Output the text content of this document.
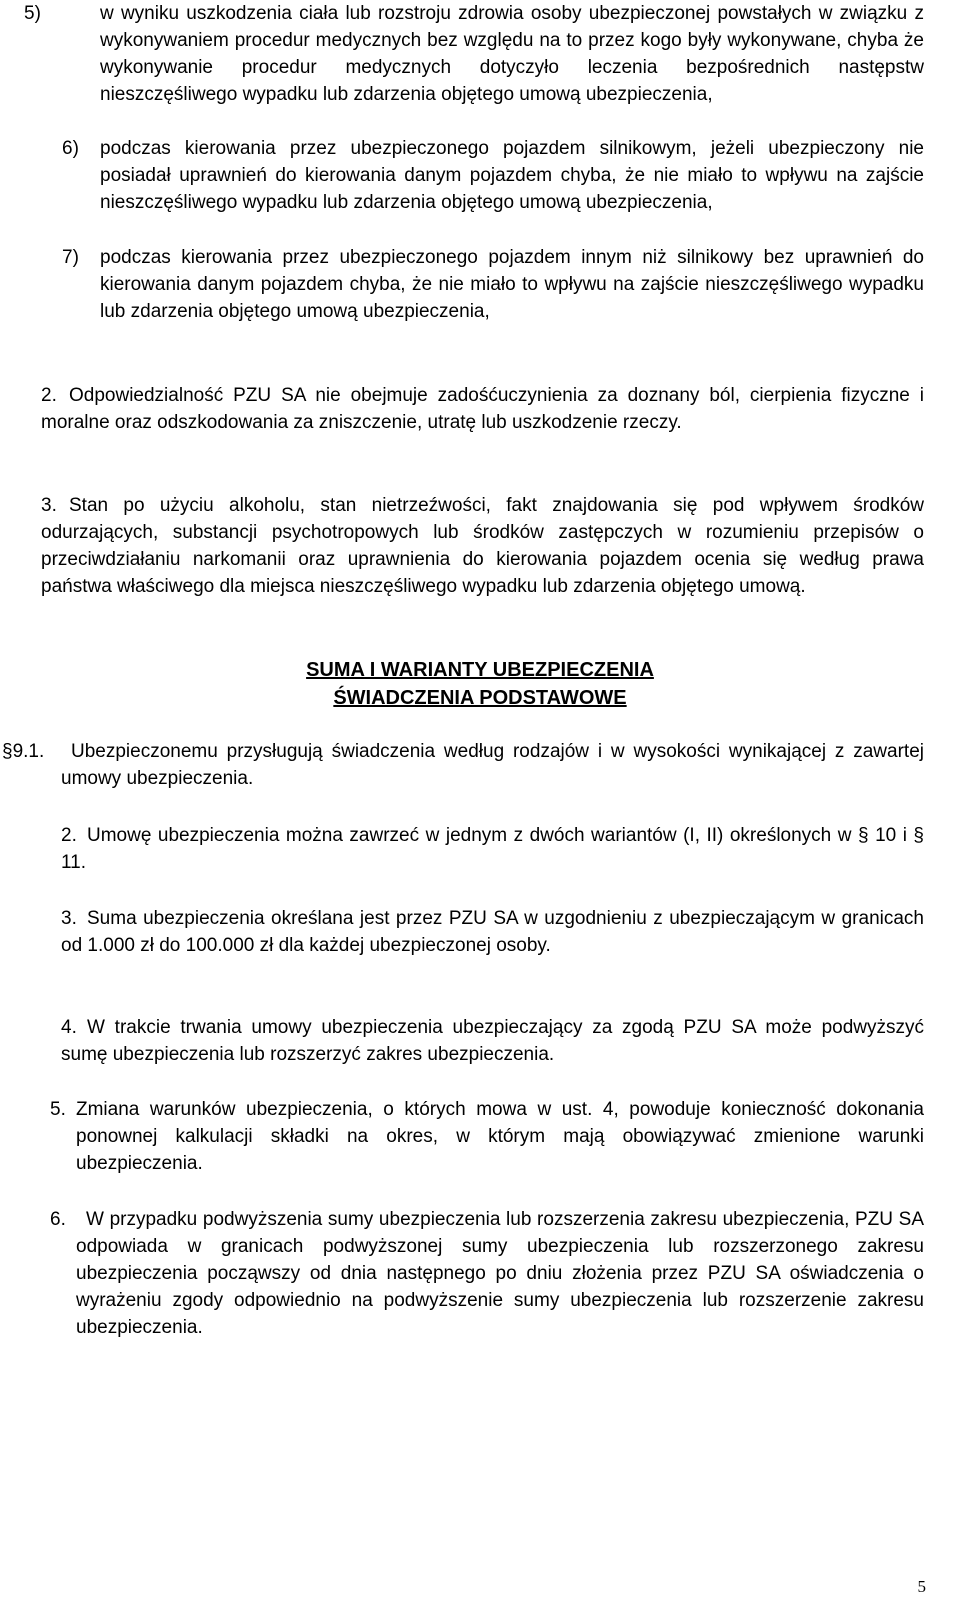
5)	w wyniku uszkodzenia ciała lub rozstroju zdrowia osoby ubezpieczonej powstałych w związku z wykonywaniem procedur medycznych bez względu na to przez kogo były wykonywane, chyba że wykonywanie procedur medycznych dotyczyło leczenia bezpośrednich następstw nieszczęśliwego wypadku lub zdarzenia objętego umową ubezpieczenia,
6) podczas kierowania przez ubezpieczonego pojazdem silnikowym, jeżeli ubezpieczony nie posiadał uprawnień do kierowania danym pojazdem chyba, że nie miało to wpływu na zajście nieszczęśliwego wypadku lub zdarzenia objętego umową ubezpieczenia,
7) podczas kierowania przez ubezpieczonego pojazdem innym niż silnikowy bez uprawnień do kierowania danym pojazdem chyba, że nie miało to wpływu na zajście nieszczęśliwego wypadku lub zdarzenia objętego umową ubezpieczenia,
2. Odpowiedzialność PZU SA nie obejmuje zadośćuczynienia za doznany ból, cierpienia fizyczne i moralne oraz odszkodowania za zniszczenie, utratę lub uszkodzenie rzeczy.
3. Stan po użyciu alkoholu, stan nietrzeźwości, fakt znajdowania się pod wpływem środków odurzających, substancji psychotropowych lub środków zastępczych w rozumieniu przepisów o przeciwdziałaniu narkomanii oraz uprawnienia do kierowania pojazdem ocenia się według prawa państwa właściwego dla miejsca nieszczęśliwego wypadku lub zdarzenia objętego umową.
SUMA I WARIANTY UBEZPIECZENIA
ŚWIADCZENIA PODSTAWOWE
§9.1.	Ubezpieczonemu przysługują świadczenia według rodzajów i w wysokości wynikającej z zawartej umowy ubezpieczenia.
2. Umowę ubezpieczenia można zawrzeć w jednym z dwóch wariantów (I, II) określonych w § 10 i § 11.
3. Suma ubezpieczenia określana jest przez PZU SA w uzgodnieniu z ubezpieczającym w granicach od 1.000 zł do 100.000 zł dla każdej ubezpieczonej osoby.
4. W trakcie trwania umowy ubezpieczenia ubezpieczający za zgodą PZU SA może podwyższyć sumę ubezpieczenia lub rozszerzyć zakres ubezpieczenia.
5. Zmiana warunków ubezpieczenia, o których mowa w ust. 4, powoduje konieczność dokonania ponownej kalkulacji składki na okres, w którym mają obowiązywać zmienione warunki ubezpieczenia.
6.	W przypadku podwyższenia sumy ubezpieczenia lub rozszerzenia zakresu ubezpieczenia, PZU SA odpowiada w granicach podwyższonej sumy ubezpieczenia lub rozszerzonego zakresu ubezpieczenia począwszy od dnia następnego po dniu złożenia przez PZU SA oświadczenia o wyrażeniu zgody odpowiednio na podwyższenie sumy ubezpieczenia lub rozszerzenie zakresu ubezpieczenia.
5
